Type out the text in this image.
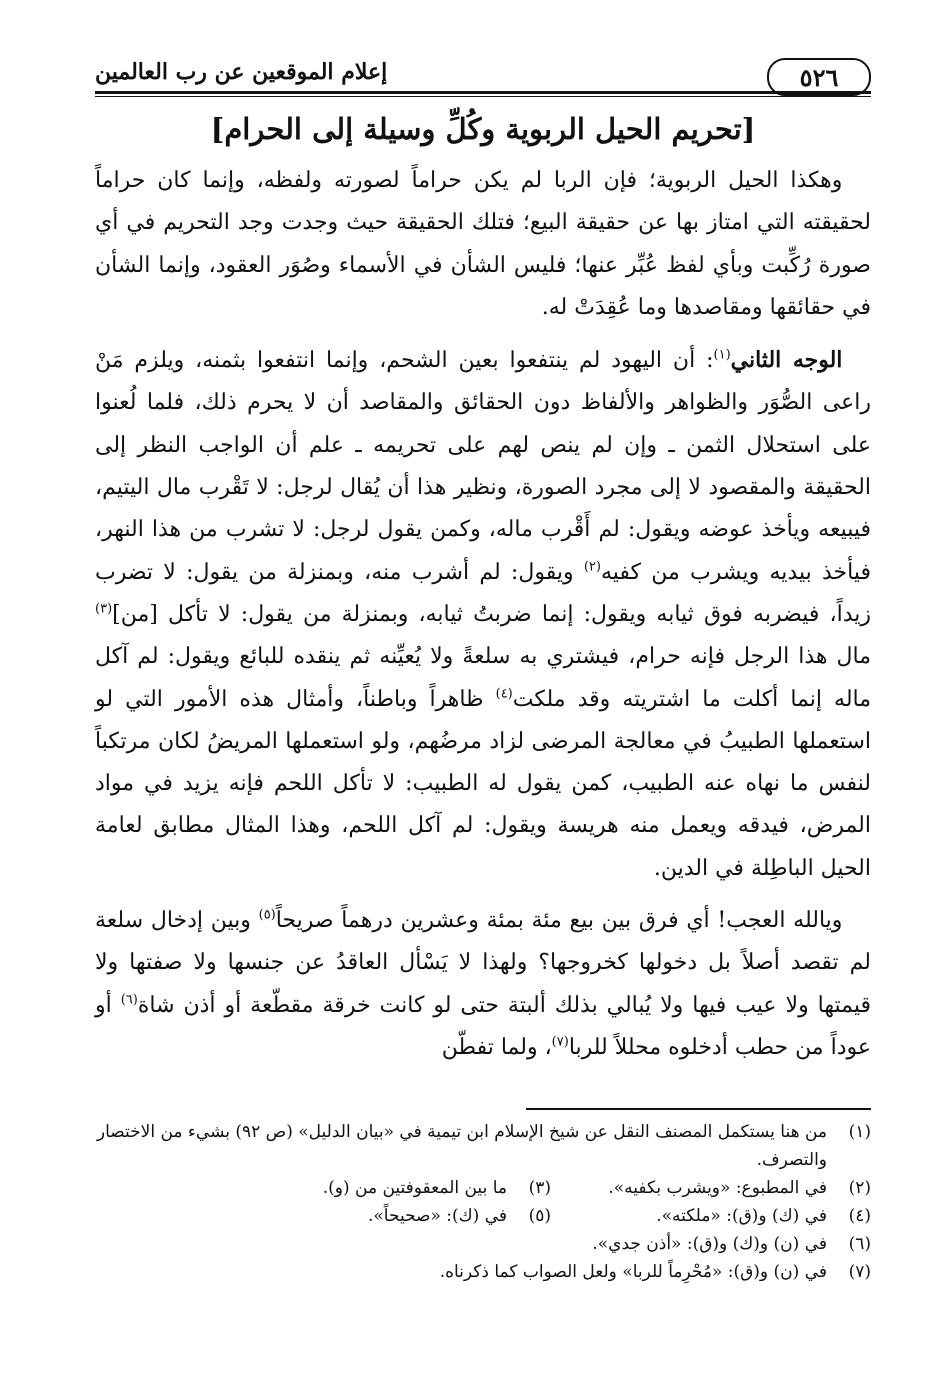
إعلام الموقعين عن رب العالمين	٥٢٦
[تحريم الحيل الربوية وكُلِّ وسيلة إلى الحرام]

وهكذا الحيل الربوية؛ فإن الربا لم يكن حراماً لصورته ولفظه، وإنما كان حراماً لحقيقته التي امتاز بها عن حقيقة البيع؛ فتلك الحقيقة حيث وجدت وجد التحريم في أي صورة رُكِّبت وبأي لفظ عُبِّر عنها؛ فليس الشأن في الأسماء وصُوَر العقود، وإنما الشأن في حقائقها ومقاصدها وما عُقِدَتْ له.

الوجه الثاني$^{(١)}$: أن اليهود لم ينتفعوا بعين الشحم، وإنما انتفعوا بثمنه، ويلزم مَنْ راعى الصُّوَر والظواهر والألفاظ دون الحقائق والمقاصد أن لا يحرم ذلك، فلما لُعنوا على استحلال الثمن ـ وإن لم ينص لهم على تحريمه ـ علم أن الواجب النظر إلى الحقيقة والمقصود لا إلى مجرد الصورة، ونظير هذا أن يُقال لرجل: لا تَقْرب مال اليتيم، فيبيعه ويأخذ عوضه ويقول: لم أَقْرب ماله، وكمن يقول لرجل: لا تشرب من هذا النهر، فيأخذ بيديه ويشرب من كفيه$^{(٢)}$ ويقول: لم أشرب منه، وبمنزلة من يقول: لا تضرب زيداً، فيضربه فوق ثيابه ويقول: إنما ضربتُ ثيابه، وبمنزلة من يقول: لا تأكل [من]$^{(٣)}$ مال هذا الرجل فإنه حرام، فيشتري به سلعةً ولا يُعيِّنه ثم ينقده للبائع ويقول: لم آكل ماله إنما أكلت ما اشتريته وقد ملكت$^{(٤)}$ ظاهراً وباطناً، وأمثال هذه الأمور التي لو استعملها الطبيبُ في معالجة المرضى لزاد مرضُهم، ولو استعملها المريضُ لكان مرتكباً لنفس ما نهاه عنه الطبيب، كمن يقول له الطبيب: لا تأكل اللحم فإنه يزيد في مواد المرض، فيدقه ويعمل منه هريسة ويقول: لم آكل اللحم، وهذا المثال مطابق لعامة الحيل الباطِلة في الدين.

ويالله العجب! أي فرق بين بيع مئة بمئة وعشرين درهماً صريحاً$^{(٥)}$ وبين إدخال سلعة لم تقصد أصلاً بل دخولها كخروجها؟ ولهذا لا يَسْأل العاقدُ عن جنسها ولا صفتها ولا قيمتها ولا عيب فيها ولا يُبالي بذلك ألبتة حتى لو كانت خرقة مقطّعة أو أذن شاة$^{(٦)}$ أو عوداً من حطب أدخلوه محللاً للربا$^{(٧)}$، ولما تفطّن

(١)
من هنا يستكمل المصنف النقل عن شيخ الإسلام ابن تيمية في «بيان الدليل» (ص ٩٢) بشيء من الاختصار والتصرف.
(٢)
في المطبوع: «ويشرب بكفيه».
(٣)
ما بين المعقوفتين من (و).
(٤)
في (ك) و(ق): «ملكته».
(٥)
في (ك): «صحيحاً».
(٦)
في (ن) و(ك) و(ق): «أذن جدي».
(٧)
في (ن) و(ق): «مُحْرِماً للربا» ولعل الصواب كما ذكرناه.
